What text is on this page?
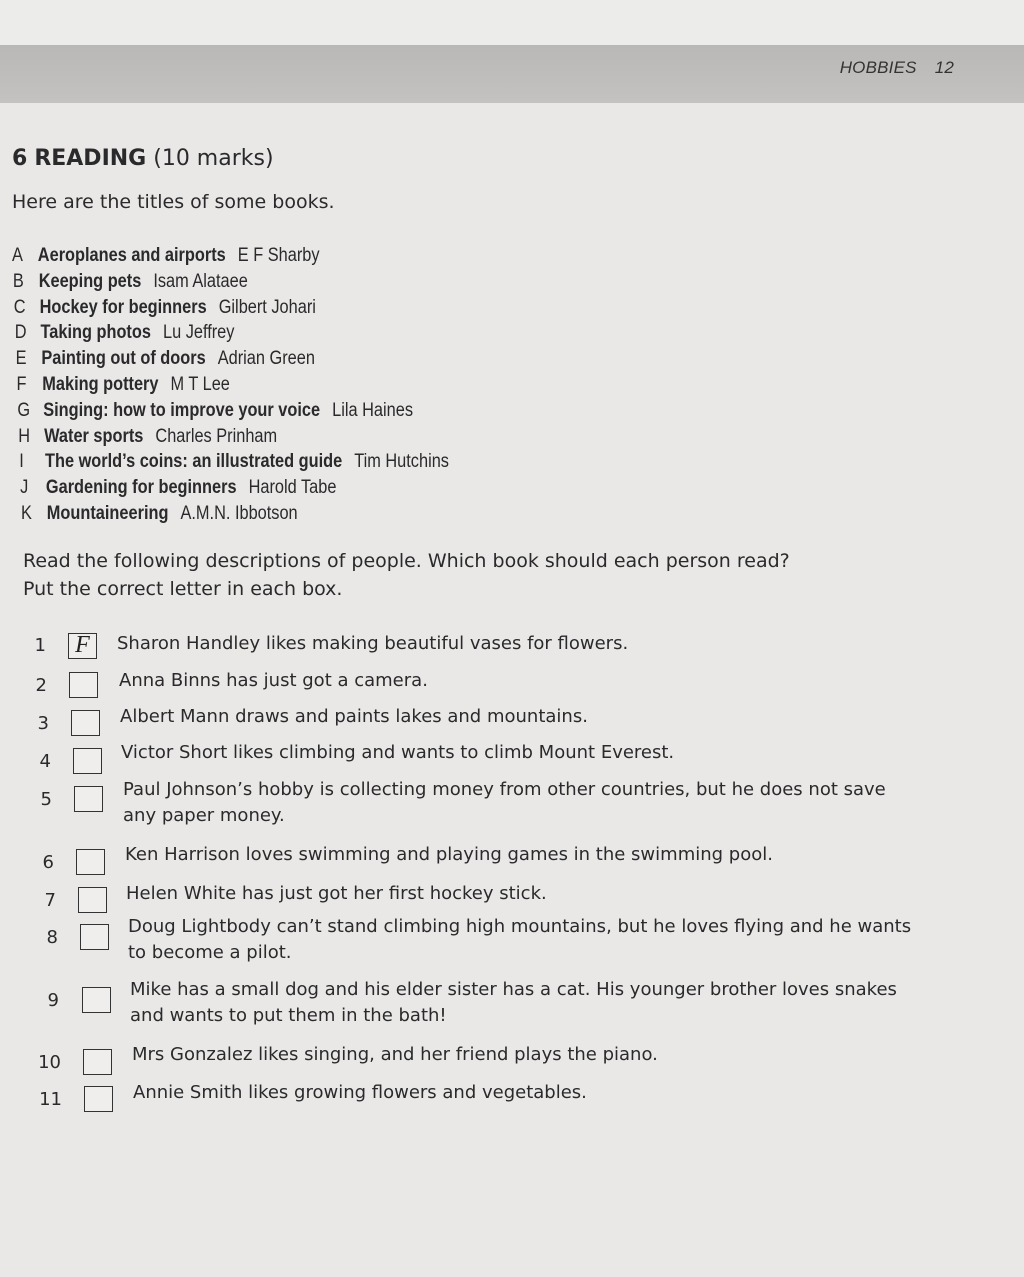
HOBBIES 12
6 READING (10 marks)
Here are the titles of some books.
A Aeroplanes and airports E F Sharby
B Keeping pets Isam Alataee
C Hockey for beginners Gilbert Johari
D Taking photos Lu Jeffrey
E Painting out of doors Adrian Green
F Making pottery M T Lee
G Singing: how to improve your voice Lila Haines
H Water sports Charles Prinham
I The world’s coins: an illustrated guide Tim Hutchins
J Gardening for beginners Harold Tabe
K Mountaineering A.M.N. Ibbotson
Read the following descriptions of people. Which book should each person read?
Put the correct letter in each box.
1 F	Sharon Handley likes making beautiful vases for flowers.
2	Anna Binns has just got a camera.
3	Albert Mann draws and paints lakes and mountains.
4	Victor Short likes climbing and wants to climb Mount Everest.
5	Paul Johnson’s hobby is collecting money from other countries, but he does not save any paper money.
6	Ken Harrison loves swimming and playing games in the swimming pool.
7	Helen White has just got her first hockey stick.
8
Doug Lightbody can’t stand climbing high mountains, but he loves flying and he wants to become a pilot.
9
Mike has a small dog and his elder sister has a cat. His younger brother loves snakes and wants to put them in the bath!
10	Mrs Gonzalez likes singing, and her friend plays the piano.
11	Annie Smith likes growing flowers and vegetables.
